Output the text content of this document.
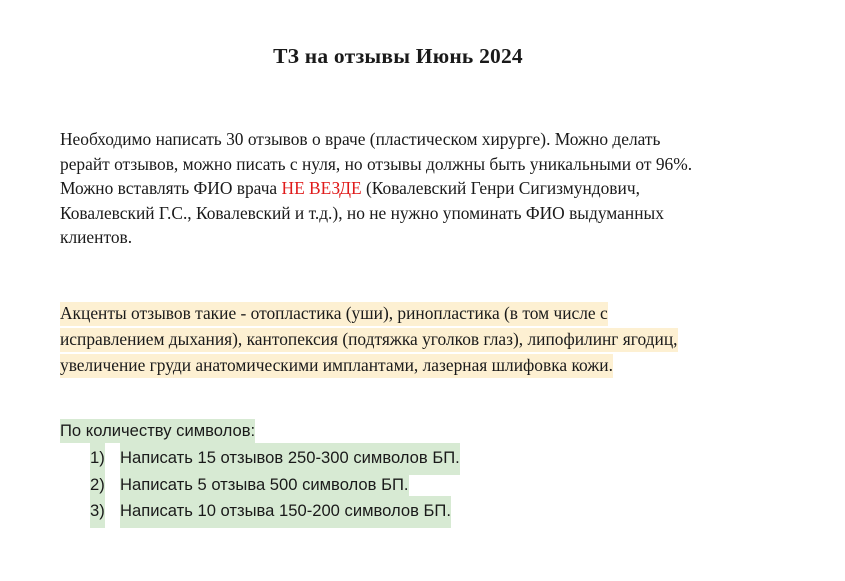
ТЗ на отзывы Июнь 2024
Необходимо написать 30 отзывов о враче (пластическом хирурге). Можно делать
рерайт отзывов, можно писать с нуля, но отзывы должны быть уникальными от 96%.
Можно вставлять ФИО врача НЕ ВЕЗДЕ (Ковалевский Генри Сигизмундович,
Ковалевский Г.С., Ковалевский и т.д.), но не нужно упоминать ФИО выдуманных
клиентов.
Акценты отзывов такие - отопластика (уши), ринопластика (в том числе с
исправлением дыхания), кантопексия (подтяжка уголков глаз), липофилинг ягодиц,
увеличение груди анатомическими имплантами, лазерная шлифовка кожи.
По количеству символов:
1) Написать 15 отзывов 250-300 символов БП.
2) Написать 5 отзыва 500 символов БП.
3) Написать 10 отзыва 150-200 символов БП.
